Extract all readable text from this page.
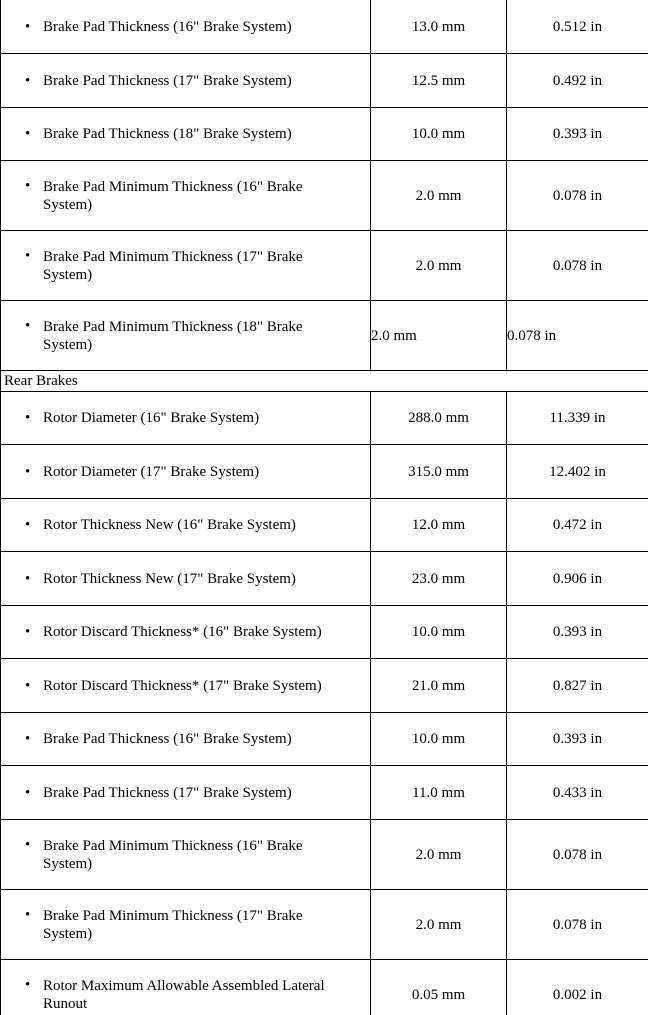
• Brake Pad Thickness (16" Brake System)	13.0 mm	0.512 in

• Brake Pad Thickness (17" Brake System)	12.5 mm	0.492 in

• Brake Pad Thickness (18" Brake System)	10.0 mm	0.393 in

• Brake Pad Minimum Thickness (16" Brake System)	2.0 mm	0.078 in

• Brake Pad Minimum Thickness (17" Brake System)	2.0 mm	0.078 in

• Brake Pad Minimum Thickness (18" Brake System)	2.0 mm	0.078 in
Rear Brakes		

• Rotor Diameter (16" Brake System)	288.0 mm	11.339 in

• Rotor Diameter (17" Brake System)	315.0 mm	12.402 in

• Rotor Thickness New (16" Brake System)	12.0 mm	0.472 in

• Rotor Thickness New (17" Brake System)	23.0 mm	0.906 in

• Rotor Discard Thickness* (16" Brake System)	10.0 mm	0.393 in

• Rotor Discard Thickness* (17" Brake System)	21.0 mm	0.827 in

• Brake Pad Thickness (16" Brake System)	10.0 mm	0.393 in

• Brake Pad Thickness (17" Brake System)	11.0 mm	0.433 in

• Brake Pad Minimum Thickness (16" Brake System)	2.0 mm	0.078 in

• Brake Pad Minimum Thickness (17" Brake System)	2.0 mm	0.078 in

• Rotor Maximum Allowable Assembled Lateral Runout	0.05 mm	0.002 in
